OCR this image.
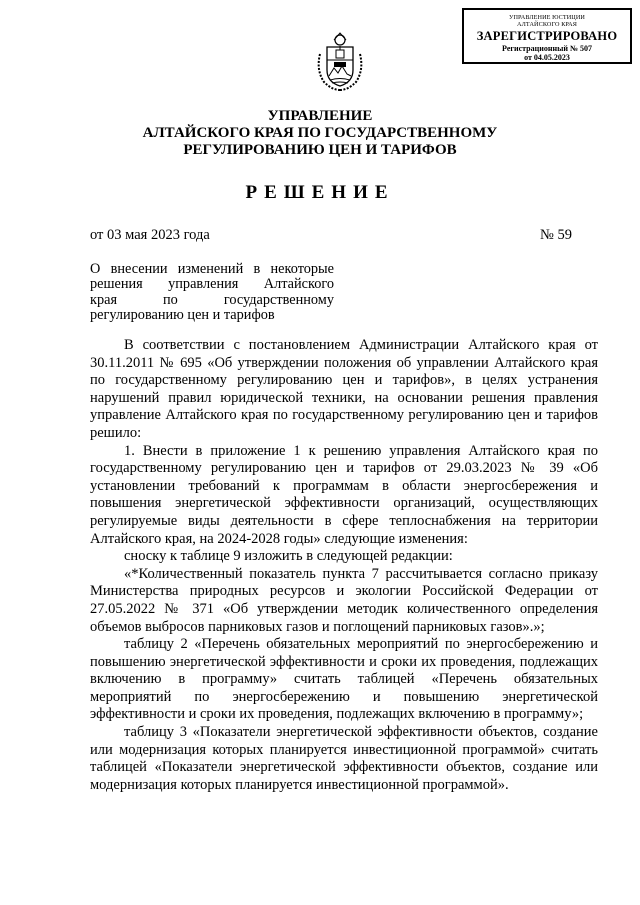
УПРАВЛЕНИЕ ЮСТИЦИИ
АЛТАЙСКОГО КРАЯ
ЗАРЕГИСТРИРОВАНО
Регистрационный № 507
от 04.05.2023
УПРАВЛЕНИЕ
АЛТАЙСКОГО КРАЯ ПО ГОСУДАРСТВЕННОМУ
РЕГУЛИРОВАНИЮ ЦЕН И ТАРИФОВ
РЕШЕНИЕ
от 03 мая 2023 года	№ 59
О внесении изменений в некоторые
решения управления Алтайского
края по государственному
регулированию цен и тарифов

В соответствии с постановлением Администрации Алтайского края от 30.11.2011 № 695 «Об утверждении положения об управлении Алтайского края по государственному регулированию цен и тарифов», в целях устранения нарушений правил юридической техники, на основании решения правления управление Алтайского края по государственному регулированию цен и тарифов решило:

1. Внести в приложение 1 к решению управления Алтайского края по государственному регулированию цен и тарифов от 29.03.2023 № 39 «Об установлении требований к программам в области энергосбережения и повышения энергетической эффективности организаций, осуществляющих регулируемые виды деятельности в сфере теплоснабжения на территории Алтайского края, на 2024-2028 годы» следующие изменения:

сноску к таблице 9 изложить в следующей редакции:

«*Количественный показатель пункта 7 рассчитывается согласно приказу Министерства природных ресурсов и экологии Российской Федерации от 27.05.2022 № 371 «Об утверждении методик количественного определения объемов выбросов парниковых газов и поглощений парниковых газов».»;

таблицу 2 «Перечень обязательных мероприятий по энергосбережению и повышению энергетической эффективности и сроки их проведения, подлежащих включению в программу» считать таблицей «Перечень обязательных мероприятий по энергосбережению и повышению энергетической эффективности и сроки их проведения, подлежащих включению в программу»;

таблицу 3 «Показатели энергетической эффективности объектов, создание или модернизация которых планируется инвестиционной программой» считать таблицей «Показатели энергетической эффективности объектов, создание или модернизация которых планируется инвестиционной программой».
